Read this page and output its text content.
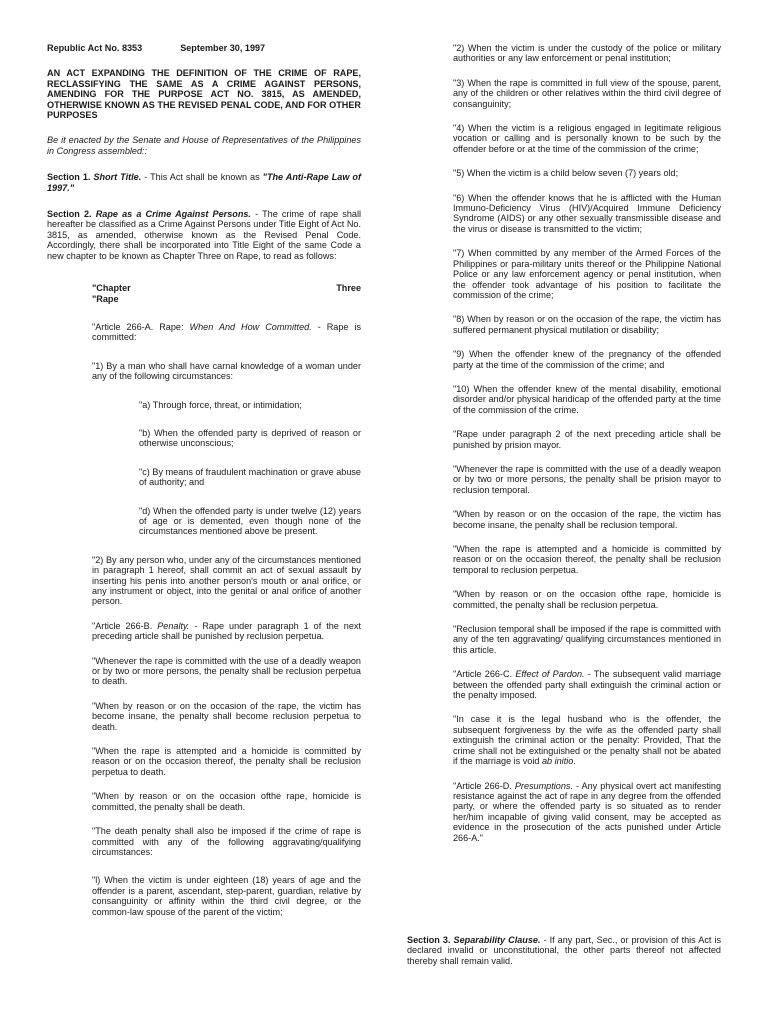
Republic Act No. 8353	September 30, 1997

AN ACT EXPANDING THE DEFINITION OF THE CRIME OF RAPE, RECLASSIFYING THE SAME AS A CRIME AGAINST PERSONS, AMENDING FOR THE PURPOSE ACT NO. 3815, AS AMENDED, OTHERWISE KNOWN AS THE REVISED PENAL CODE, AND FOR OTHER PURPOSES

Be it enacted by the Senate and House of Representatives of the Philippines in Congress assembled::

Section 1. Short Title. - This Act shall be known as "The Anti-Rape Law of 1997."

Section 2. Rape as a Crime Against Persons. - The crime of rape shall hereafter be classified as a Crime Against Persons under Title Eight of Act No. 3815, as amended, otherwise known as the Revised Penal Code. Accordingly, there shall be incorporated into Title Eight of the same Code a new chapter to be known as Chapter Three on Rape, to read as follows:

"Chapter	Three
"Rape

"Article 266-A. Rape: When And How Committed. - Rape is committed:

"1) By a man who shall have carnal knowledge of a woman under any of the following circumstances:

"a) Through force, threat, or intimidation;

"b) When the offended party is deprived of reason or otherwise unconscious;

"c) By means of fraudulent machination or grave abuse of authority; and

"d) When the offended party is under twelve (12) years of age or is demented, even though none of the circumstances mentioned above be present.

"2) By any person who, under any of the circumstances mentioned in paragraph 1 hereof, shall commit an act of sexual assault by inserting his penis into another person's mouth or anal orifice, or any instrument or object, into the genital or anal orifice of another person.

"Article 266-B. Penalty. - Rape under paragraph 1 of the next preceding article shall be punished by reclusion perpetua.

"Whenever the rape is committed with the use of a deadly weapon or by two or more persons, the penalty shall be reclusion perpetua to death.

"When by reason or on the occasion of the rape, the victim has become insane, the penalty shall become reclusion perpetua to death.

"When the rape is attempted and a homicide is committed by reason or on the occasion thereof, the penalty shall be reclusion perpetua to death.

"When by reason or on the occasion ofthe rape, homicide is committed, the penalty shall be death.

"The death penalty shall also be imposed if the crime of rape is committed with any of the following aggravating/qualifying circumstances:

"l) When the victim is under eighteen (18) years of age and the offender is a parent, ascendant, step-parent, guardian, relative by consanguinity or affinity within the third civil degree, or the common-law spouse of the parent of the victim;

"2) When the victim is under the custody of the police or military authorities or any law enforcement or penal institution;

"3) When the rape is committed in full view of the spouse, parent, any of the children or other relatives within the third civil degree of consanguinity;

"4) When the victim is a religious engaged in legitimate religious vocation or calling and is personally known to be such by the offender before or at the time of the commission of the crime;

"5) When the victim is a child below seven (7) years old;

"6) When the offender knows that he is afflicted with the Human Immuno-Deficiency Virus (HIV)/Acquired Immune Deficiency Syndrome (AIDS) or any other sexually transmissible disease and the virus or disease is transmitted to the victim;

"7) When committed by any member of the Armed Forces of the Philippines or para-military units thereof or the Philippine National Police or any law enforcement agency or penal institution, when the offender took advantage of his position to facilitate the commission of the crime;

"8) When by reason or on the occasion of the rape, the victim has suffered permanent physical mutilation or disability;

"9) When the offender knew of the pregnancy of the offended party at the time of the commission of the crime; and

"10) When the offender knew of the mental disability, emotional disorder and/or physical handicap of the offended party at the time of the commission of the crime.

"Rape under paragraph 2 of the next preceding article shall be punished by prision mayor.

"Whenever the rape is committed with the use of a deadly weapon or by two or more persons, the penalty shall be prision mayor to reclusion temporal.

"When by reason or on the occasion of the rape, the victim has become insane, the penalty shall be reclusion temporal.

"When the rape is attempted and a homicide is committed by reason or on the occasion thereof, the penalty shall be reclusion temporal to reclusion perpetua.

"When by reason or on the occasion ofthe rape, homicide is committed, the penalty shall be reclusion perpetua.

"Reclusion temporal shall be imposed if the rape is committed with any of the ten aggravating/ qualifying circumstances mentioned in this article.

"Article 266-C. Effect of Pardon. - The subsequent valid marriage between the offended party shall extinguish the criminal action or the penalty imposed.

"In case it is the legal husband who is the offender, the subsequent forgiveness by the wife as the offended party shall extinguish the criminal action or the penalty: Provided, That the crime shall not be extinguished or the penalty shall not be abated if the marriage is void ab initio.

"Article 266-D. Presumptions. - Any physical overt act manifesting resistance against the act of rape in any degree from the offended party, or where the offended party is so situated as to render her/him incapable of giving valid consent, may be accepted as evidence in the prosecution of the acts punished under Article 266-A."

Section 3. Separability Clause. - If any part, Sec., or provision of this Act is declared invalid or unconstitutional, the other parts thereof not affected thereby shall remain valid.
